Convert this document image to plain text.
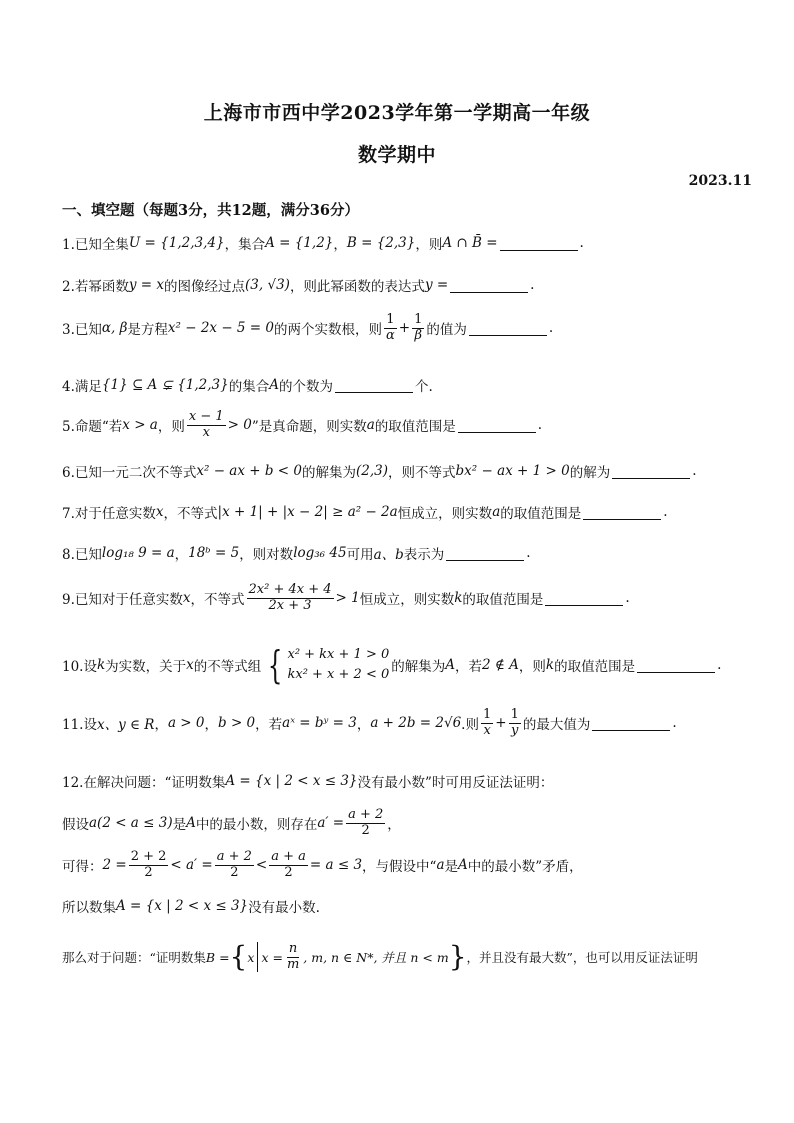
上海市市西中学2023学年第一学期高一年级
数学期中
2023.11
一、填空题（每题3分，共12题，满分36分）
1.已知全集 U = {1,2,3,4} ，集合 A = {1,2} ， B = {2,3} ，则 A ∩ B̄ =	.
2.若幂函数 y = x 的图像经过点 (3, √3) ，则此幂函数的表达式 y =	.
3.已知 α, β 是方程 x² − 2x − 5 = 0 的两个实数根，则 $\frac{1}{\alpha} + \frac{1}{\beta}$ 的值为	.
4.满足 {1} ⊆ A ⊊ {1,2,3} 的集合 A 的个数为	个.
5.命题“若 x > a ，则 $\frac{x - 1}{x} > 0$ ”是真命题，则实数 a 的取值范围是	.
6.已知一元二次不等式 x² − ax + b < 0 的解集为 (2,3) ，则不等式 bx² − ax + 1 > 0 的解为	.
7.对于任意实数 x ，不等式 |x + 1| + |x − 2| ≥ a² − 2a 恒成立，则实数 a 的取值范围是	.
8.已知 log₁₈ 9 = a ， 18ᵇ = 5 ，则对数 log₃₆ 45 可用 a、b 表示为	.
9.已知对于任意实数 x ，不等式 $\frac{\text{2x² + 4x + 4}}{2x + 3} > 1$ 恒成立，则实数 k 的取值范围是	.
10.设 k 为实数，关于 x 的不等式组 { x² + kx + 1 > 0
kx² + x + 2 < 0 的解集为 A ，若 2 ∉ A ，则 k 的取值范围是	.
11.设 x、y ∈ R ， a > 0 ， b > 0 ，若 aˣ = bʸ = 3 ， a + 2b = 2√6 .则 $\frac{1}{x} + \frac{1}{y}$ 的最大值为	.
12.在解决问题：“证明数集 A = {x | 2 < x ≤ 3} 没有最小数”时可用反证法证明：
假设 a(2 < a ≤ 3) 是 A 中的最小数，则存在 $a' = \frac{a + 2}{2}$ ，
可得： $2 = \frac{2 + 2}{2} < a' = \frac{a + 2}{2} < \frac{a + a}{2} = a \le 3$ ，与假设中“ a 是 A 中的最小数”矛盾，
所以数集 A = {x | 2 < x ≤ 3} 没有最小数.
那么对于问题：“证明数集 B = { x $x = \frac{n}{m}$ , m, n ∈ N*, 并且 n < m } ，并且没有最大数”，也可以用反证法证明
